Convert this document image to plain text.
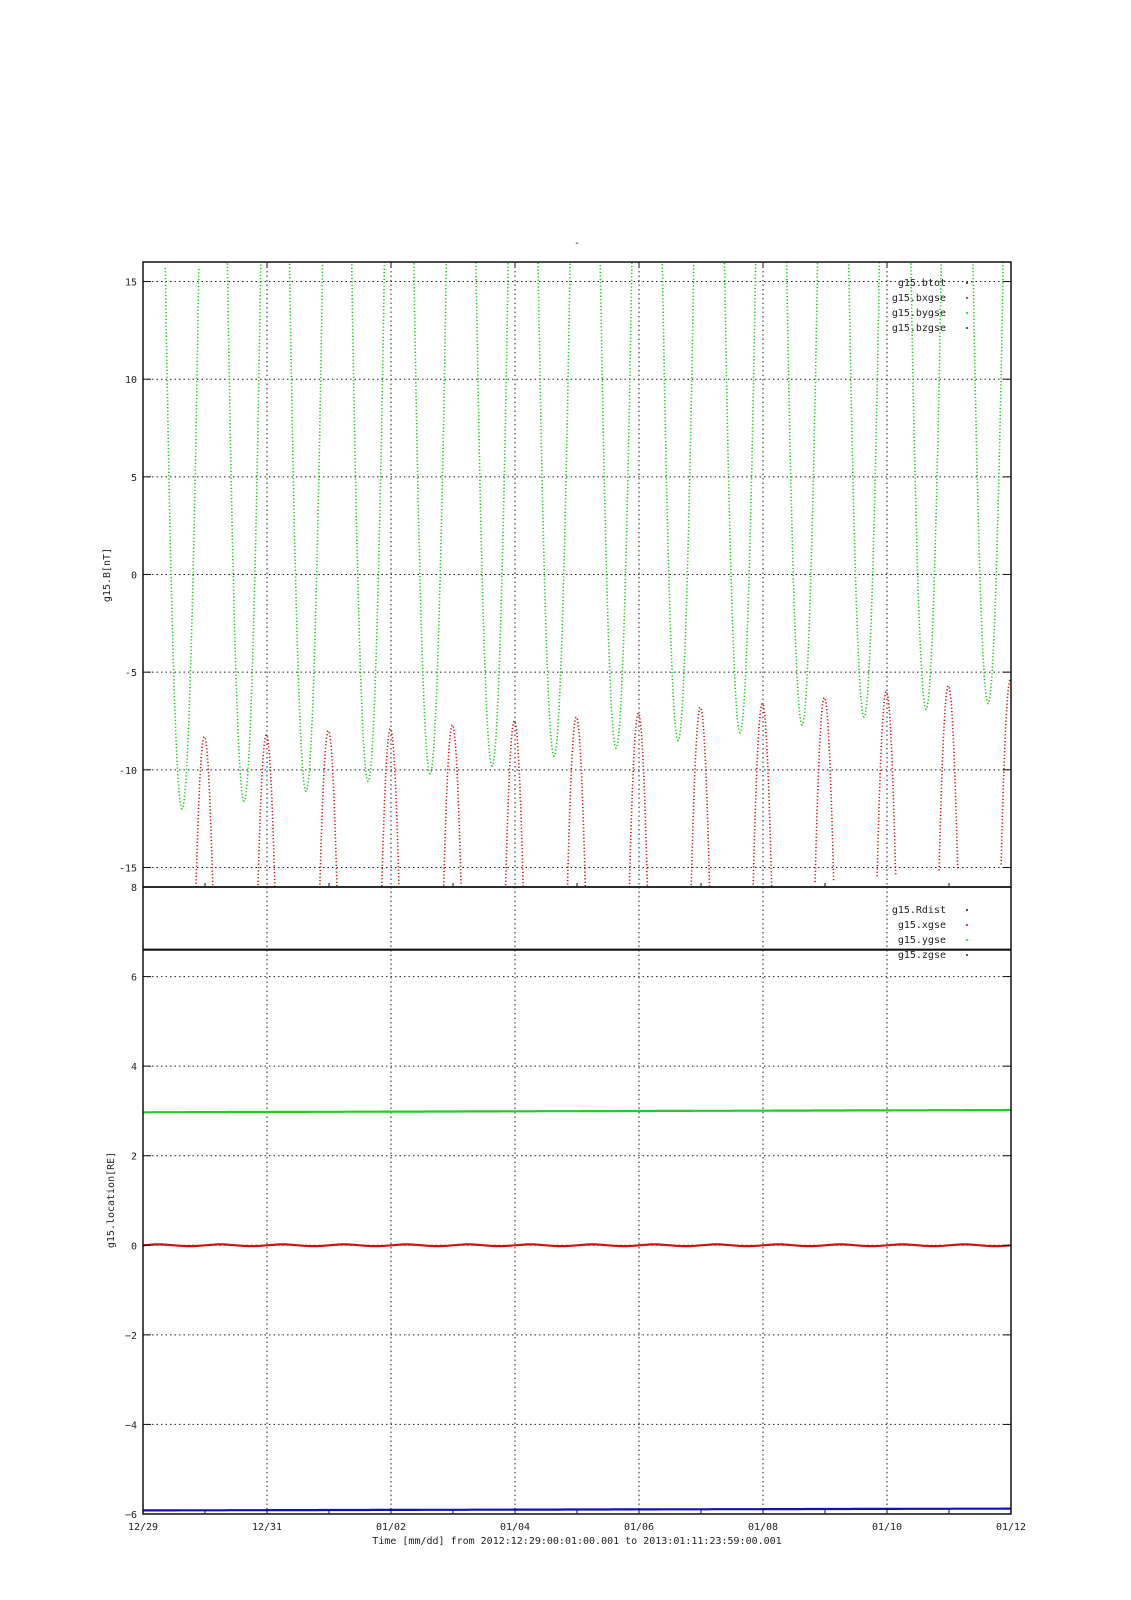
-
15
10
5
0
-5
-10
-15
g15.B[nT]
g15.btot
g15.bxgse
g15.bygse
g15.bzgse
8
6
4
2
0
−2
−4
−6
g15.location[RE]
g15.Rdist
g15.xgse
g15.ygse
g15.zgse
12/29	12/31	01/02	01/04	01/06	01/08	01/10	01/12
Time [mm/dd] from 2012:12:29:00:01:00.001 to 2013:01:11:23:59:00.001
